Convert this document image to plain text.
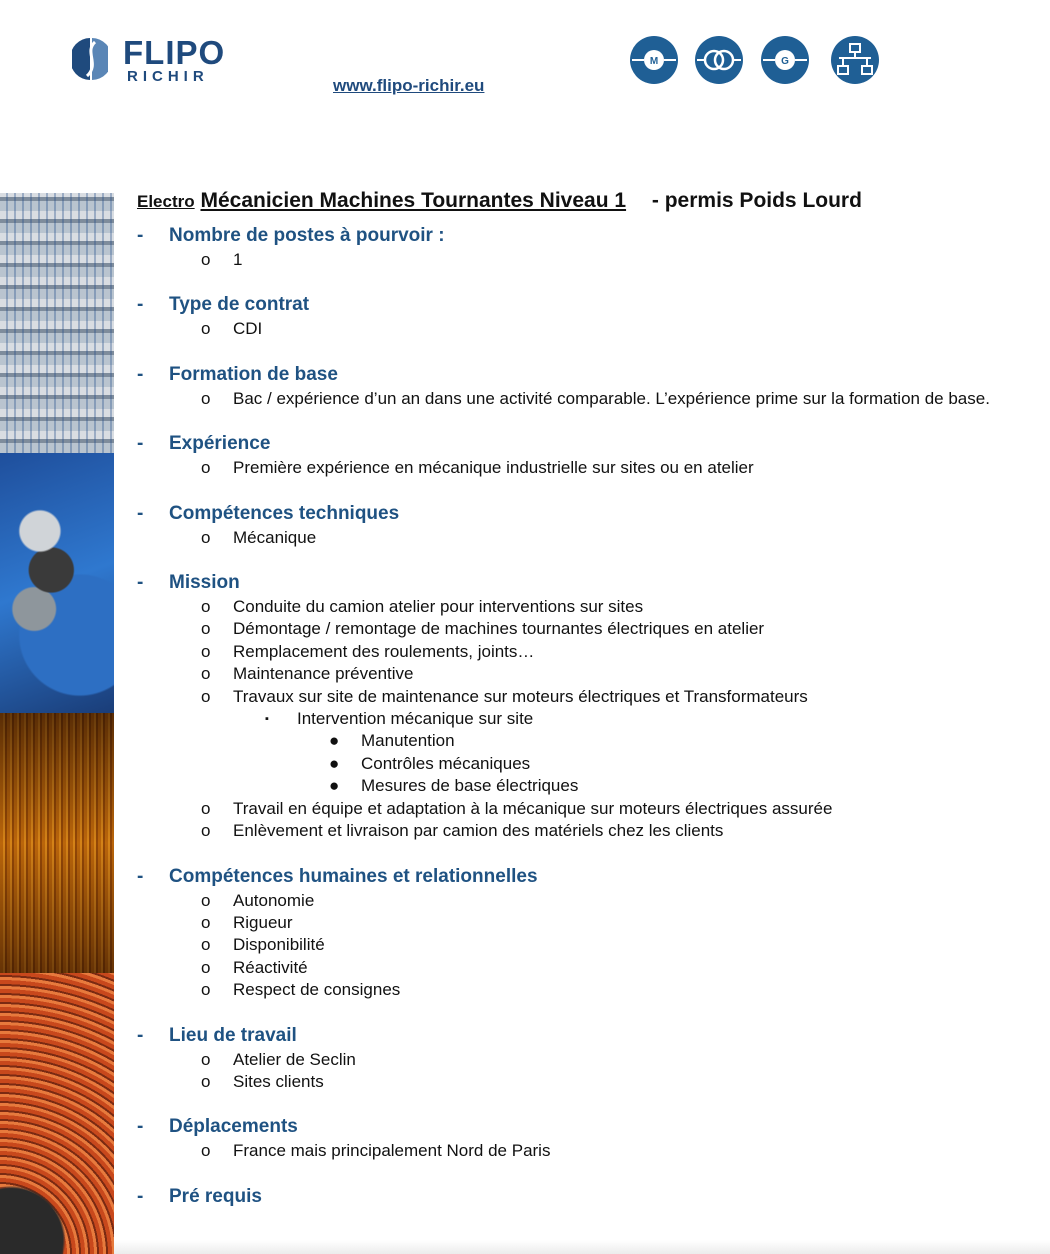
FLIPO
RICHIR	www.flipo-richir.eu
M	G
Electro Mécanicien Machines Tournantes Niveau 1 - permis Poids Lourd
- Nombre de postes à pourvoir :
o 1
- Type de contrat
o CDI
- Formation de base
o Bac / expérience d’un an dans une activité comparable. L’expérience prime sur la formation de base.
- Expérience
o Première expérience en mécanique industrielle sur sites ou en atelier
- Compétences techniques
o Mécanique
- Mission
o Conduite du camion atelier pour interventions sur sites
o Démontage / remontage de machines tournantes électriques en atelier
o Remplacement des roulements, joints…
o Maintenance préventive
o Travaux sur site de maintenance sur moteurs électriques et Transformateurs
▪ Intervention mécanique sur site
● Manutention
● Contrôles mécaniques
● Mesures de base électriques
o Travail en équipe et adaptation à la mécanique sur moteurs électriques assurée
o Enlèvement et livraison par camion des matériels chez les clients
- Compétences humaines et relationnelles
o Autonomie
o Rigueur
o Disponibilité
o Réactivité
o Respect de consignes
- Lieu de travail
o Atelier de Seclin
o Sites clients
- Déplacements
o France mais principalement Nord de Paris
- Pré requis
